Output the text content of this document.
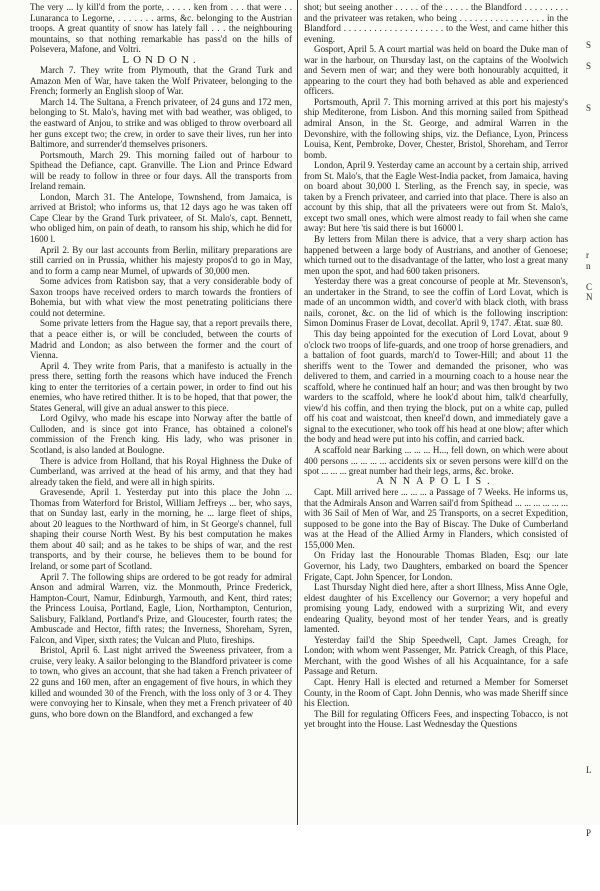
The very ... ly kill'd from the porte, . . . . . ken from . . . that were . . Lunaranca to Legorne, . . . . . . . arms, &c. belonging to the Austrian troops. A great quantity of snow has lately fall . . . the neighbouring mountains, so that nothing remarkable has pass'd on the hills of Polsevera, Mafone, and Voltri.

LONDON.

March 7. They write from Plymouth, that the Grand Turk and Amazon Men of War, have taken the Wolf Privateer, belonging to the French; formerly an English sloop of War.

March 14. The Sultana, a French privateer, of 24 guns and 172 men, belonging to St. Malo's, having met with bad weather, was obliged, to the eastward of Anjou, to strike and was obliged to throw overboard all her guns except two; the crew, in order to save their lives, run her into Baltimore, and surrender'd themselves prisoners.

Portsmouth, March 29. This morning failed out of harbour to Spithead the Defiance, capt. Granville. The Lion and Prince Edward will be ready to follow in three or four days. All the transports from Ireland remain.

London, March 31. The Antelope, Townshend, from Jamaica, is arrived at Bristol; who informs us, that 12 days ago he was taken off Cape Clear by the Grand Turk privateer, of St. Malo's, capt. Bennett, who obliged him, on pain of death, to ransom his ship, which he did for 1600 l.

April 2. By our last accounts from Berlin, military preparations are still carried on in Prussia, whither his majesty propos'd to go in May, and to form a camp near Mumel, of upwards of 30,000 men.

Some advices from Ratisbon say, that a very considerable body of Saxon troops have received orders to march towards the frontiers of Bohemia, but with what view the most penetrating politicians there could not determine.

Some private letters from the Hague say, that a report prevails there, that a peace either is, or will be concluded, between the courts of Madrid and London; as also between the former and the court of Vienna.

April 4. They write from Paris, that a manifesto is actually in the press there, setting forth the reasons which have induced the French king to enter the territories of a certain power, in order to find out his enemies, who have retired thither. It is to be hoped, that that power, the States General, will give an adual answer to this piece.

Lord Ogilvy, who made his escape into Norway after the battle of Culloden, and is since got into France, has obtained a colonel's commission of the French king. His lady, who was prisoner in Scotland, is also landed at Boulogne.

There is advice from Holland, that his Royal Highness the Duke of Cumberland, was arrived at the head of his army, and that they had already taken the field, and were all in high spirits.

Gravesende, April 1. Yesterday put into this place the John ... Thomas from Waterford for Bristol, William Jeffreys ... ber, who says, that on Sunday last, early in the morning, he ... large fleet of ships, about 20 leagues to the Northward of him, in St George's channel, full shaping their course North West. By his best computation he makes them about 40 sail; and as he takes to be ships of war, and the rest transports, and by their course, he believes them to be bound for Ireland, or some part of Scotland.

April 7. The following ships are ordered to be got ready for admiral Anson and admiral Warren, viz. the Monmouth, Prince Frederick, Hampton-Court, Namur, Edinburgh, Yarmouth, and Kent, third rates; the Princess Louisa, Portland, Eagle, Lion, Northampton, Centurion, Salisbury, Falkland, Portland's Prize, and Gloucester, fourth rates; the Ambuscade and Hector, fifth rates; the Inverness, Shoreham, Syren, Falcon, and Viper, sixth rates; the Vulcan and Pluto, fireships.

Bristol, April 6. Last night arrived the Sweeness privateer, from a cruise, very leaky. A sailor belonging to the Blandford privateer is come to town, who gives an account, that she had taken a French privateer of 22 guns and 160 men, after an engagement of five hours, in which they killed and wounded 30 of the French, with the loss only of 3 or 4. They were convoying her to Kinsale, when they met a French privateer of 40 guns, who bore down on the Blandford, and exchanged a few

shot; but seeing another . . . . . of the . . . . . the Blandford . . . . . . . . . and the privateer was retaken, who being . . . . . . . . . . . . . . . . . in the Blandford . . . . . . . . . . . . . . . . . . . . to the West, and came hither this evening.

Gosport, April 5. A court martial was held on board the Duke man of war in the harbour, on Thursday last, on the captains of the Woolwich and Severn men of war; and they were both honourably acquitted, it appearing to the court they had both behaved as able and experienced officers.

Portsmouth, April 7. This morning arrived at this port his majesty's ship Mediterone, from Lisbon. And this morning sailed from Spithead admiral Anson, in the St. George, and admiral Warren in the Devonshire, with the following ships, viz. the Defiance, Lyon, Princess Louisa, Kent, Pembroke, Dover, Chester, Bristol, Shoreham, and Terror bomb.

London, April 9. Yesterday came an account by a certain ship, arrived from St. Malo's, that the Eagle West-India packet, from Jamaica, having on board about 30,000 l. Sterling, as the French say, in specie, was taken by a French privateer, and carried into that place. There is also an account by this ship, that all the privateers were out from St. Malo's, except two small ones, which were almost ready to fail when she came away: But here 'tis said there is but 16000 l.

By letters from Milan there is advice, that a very sharp action has happened between a large body of Austrians, and another of Genoese; which turned out to the disadvantage of the latter, who lost a great many men upon the spot, and had 600 taken prisoners.

Yesterday there was a great concourse of people at Mr. Stevenson's, an undertaker in the Strand, to see the coffin of Lord Lovat, which is made of an uncommon width, and cover'd with black cloth, with brass nails, coronet, &c. on the lid of which is the following inscription: Simon Dominus Fraser de Lovat, decollat. April 9, 1747. Ætat. suæ 80.

This day being appointed for the execution of Lord Lovat, about 9 o'clock two troops of life-guards, and one troop of horse grenadiers, and a battalion of foot guards, march'd to Tower-Hill; and about 11 the sheriffs went to the Tower and demanded the prisoner, who was delivered to them, and carried in a mourning coach to a house near the scaffold, where he continued half an hour; and was then brought by two warders to the scaffold, where he look'd about him, talk'd chearfully, view'd his coffin, and then trying the block, put on a white cap, pulled off his coat and waistcoat, then kneel'd down, and immediately gave a signal to the executioner, who took off his head at one blow; after which the body and head were put into his coffin, and carried back.

A scaffold near Barking ... ... ... H..., fell down, on which were about 400 persons ... ... ... ... accidents six or seven persons were kill'd on the spot ... ... ... great number had their legs, arms, &c. broke.

ANNAPOLIS.

Capt. Mill arrived here ... ... ... a Passage of 7 Weeks. He informs us, that the Admirals Anson and Warren sail'd from Spithead ... ... ... ... ... ... with 36 Sail of Men of War, and 25 Transports, on a secret Expedition, supposed to be gone into the Bay of Biscay. The Duke of Cumberland was at the Head of the Allied Army in Flanders, which consisted of 155,000 Men.

On Friday last the Honourable Thomas Bladen, Esq; our late Governor, his Lady, two Daughters, embarked on board the Spencer Frigate, Capt. John Spencer, for London.

Last Thursday Night died here, after a short Illness, Miss Anne Ogle, eldest daughter of his Excellency our Governor; a very hopeful and promising young Lady, endowed with a surprizing Wit, and every endearing Quality, beyond most of her tender Years, and is greatly lamented.

Yesterday fail'd the Ship Speedwell, Capt. James Creagh, for London; with whom went Passenger, Mr. Patrick Creagh, of this Place, Merchant, with the good Wishes of all his Acquaintance, for a safe Passage and Return.

Capt. Henry Hall is elected and returned a Member for Somerset County, in the Room of Capt. John Dennis, who was made Sheriff since his Election.

The Bill for regulating Officers Fees, and inspecting Tobacco, is not yet brought into the House. Last Wednesday the Questions

S
S
S
r
n
C
N
L
P
